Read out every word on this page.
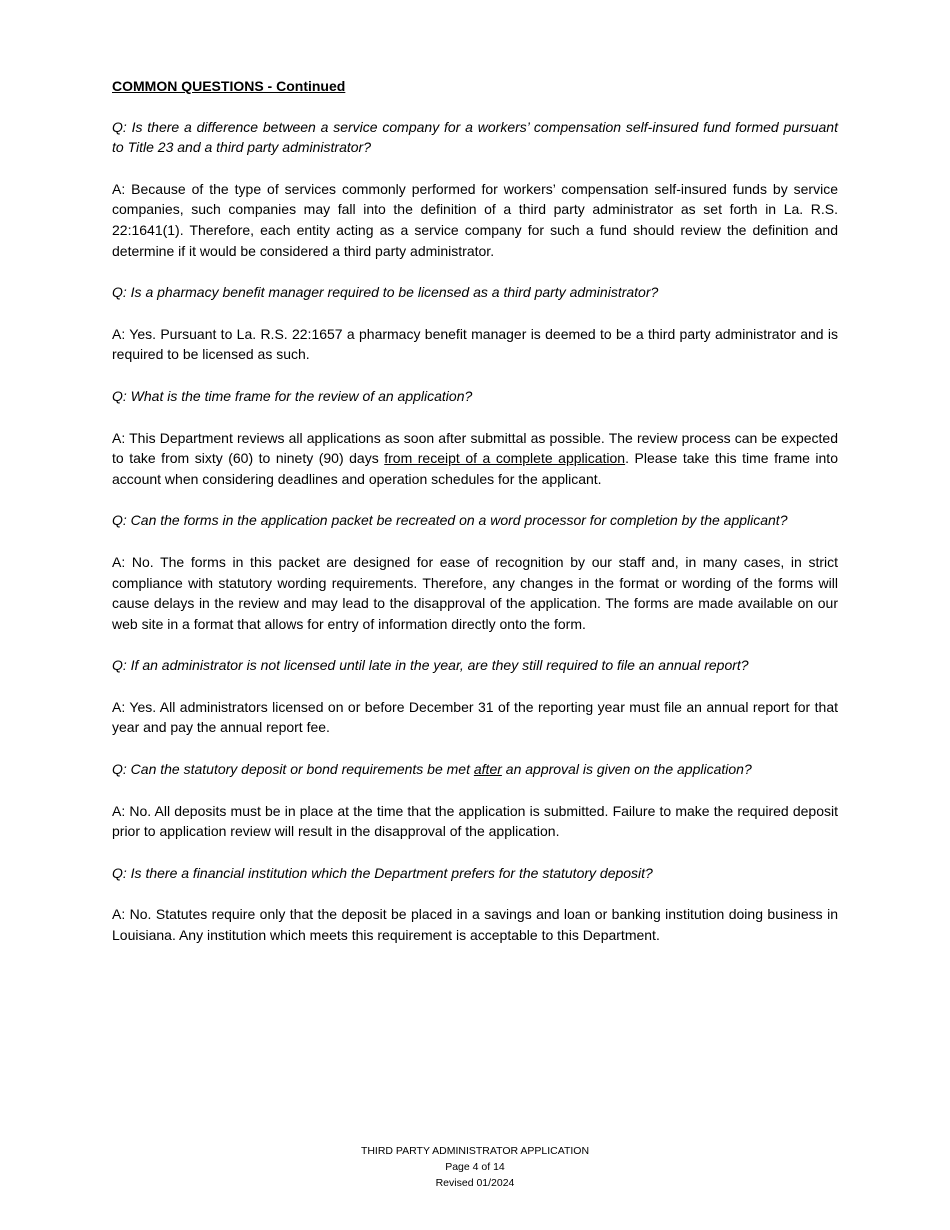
COMMON QUESTIONS - Continued
Q: Is there a difference between a service company for a workers’ compensation self-insured fund formed pursuant to Title 23 and a third party administrator?
A: Because of the type of services commonly performed for workers’ compensation self-insured funds by service companies, such companies may fall into the definition of a third party administrator as set forth in La. R.S. 22:1641(1). Therefore, each entity acting as a service company for such a fund should review the definition and determine if it would be considered a third party administrator.
Q: Is a pharmacy benefit manager required to be licensed as a third party administrator?
A: Yes. Pursuant to La. R.S. 22:1657 a pharmacy benefit manager is deemed to be a third party administrator and is required to be licensed as such.
Q: What is the time frame for the review of an application?
A: This Department reviews all applications as soon after submittal as possible. The review process can be expected to take from sixty (60) to ninety (90) days from receipt of a complete application. Please take this time frame into account when considering deadlines and operation schedules for the applicant.
Q: Can the forms in the application packet be recreated on a word processor for completion by the applicant?
A: No. The forms in this packet are designed for ease of recognition by our staff and, in many cases, in strict compliance with statutory wording requirements. Therefore, any changes in the format or wording of the forms will cause delays in the review and may lead to the disapproval of the application. The forms are made available on our web site in a format that allows for entry of information directly onto the form.
Q: If an administrator is not licensed until late in the year, are they still required to file an annual report?
A: Yes. All administrators licensed on or before December 31 of the reporting year must file an annual report for that year and pay the annual report fee.
Q: Can the statutory deposit or bond requirements be met after an approval is given on the application?
A: No. All deposits must be in place at the time that the application is submitted. Failure to make the required deposit prior to application review will result in the disapproval of the application.
Q: Is there a financial institution which the Department prefers for the statutory deposit?
A: No. Statutes require only that the deposit be placed in a savings and loan or banking institution doing business in Louisiana. Any institution which meets this requirement is acceptable to this Department.
THIRD PARTY ADMINISTRATOR APPLICATION
Page 4 of 14
Revised 01/2024
